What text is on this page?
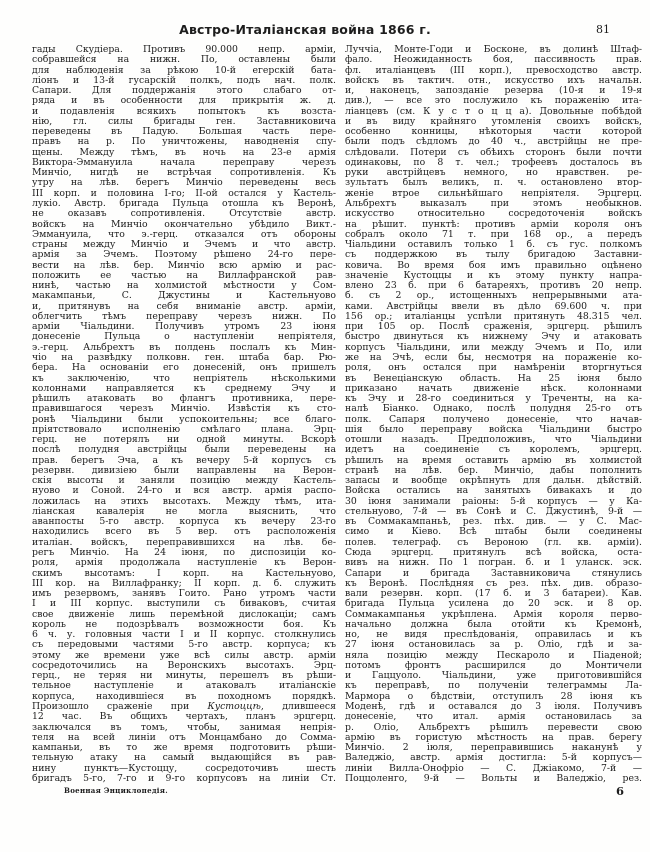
Австро-Италіанская война 1866 г.	81
гады Скудіера. Противъ 90.000 непр. арміи,
собравшейся на нижн. По, оставлены были
для наблюденія за рѣкою 10-й егерскій бата-
ліонъ и 13-й гусарскій полкъ, подъ нач. полк.
Сапари. Для поддержанія этого слабаго от-
ряда и въ особенности для прикрытія ж. д.
и подавленія всякихъ попытокъ къ возста-
нію, гл. силы бригады ген. Заставниковича
переведены въ Падую. Большая часть пере-
правъ на р. По уничтожены, наводненія спу-
щены. Между тѣмъ, въ ночь на 23-е армія
Виктора-Эммануила начала переправу черезъ
Минчіо, нигдѣ не встрѣчая сопротивленія. Къ
утру на лѣв. берегъ Минчіо переведены весь
III корп. и половина I-го; II-ой остался у Кастель-
лукіо. Австр. бригада Пульца отошла къ Веронѣ,
не оказавъ сопротивленія. Отсутствіе австр.
войскъ на Минчіо окончательно убѣдило Викт.-
Эммануила, что э.-герц. отказался отъ обороны
страны между Минчіо и Эчемъ и что австр.
армія за Эчемъ. Поэтому рѣшено 24-го пере-
вести на лѣв. бер. Минчіо всю армію и рас-
положить ее частью на Виллафранской рав-
нинѣ, частью на холмистой мѣстности у Сом-
макампаньи, С. Джустины и Кастельнуово
и, притянувъ на себя вниманіе австр. арміи,
облегчить тѣмъ переправу черезъ нижн. По
арміи Чіальдини. Получивъ утромъ 23 іюня
донесеніе Пульца о наступленіи непріятеля,
э.-герц. Альбрехтъ въ полдень послалъ къ Мин-
чіо на развѣдку полковн. ген. штаба бар. Рю-
бера. На основаніи его донесеній, онъ пришелъ
къ заключенію, что непріятель нѣсколькими
колоннами направляется къ среднему Эчу и
рѣшилъ атаковать во флангъ противника, пере-
правившагося черезъ Минчіо. Извѣстія къ сто-
ронѣ Чіальдини были успокоительны; все благо-
пріятствовало исполненію смѣлаго плана. Эрц-
герц. не потерялъ ни одной минуты. Вскорѣ
послѣ полудня австрійцы были переведены на
прав. берегъ Эча, а къ вечеру 5-й корпусъ съ
резервн. дивизіею были направлены на Верон-
скія высоты и заняли позицію между Кастель-
нуово и Соной. 24-го и вся австр. армія распо-
ложилась на этихъ высотахъ. Между тѣмъ, ита-
ліанская кавалерія не могла выяснить, что
аванпосты 5-го австр. корпуса къ вечеру 23-го
находились всего въ 5 вер. отъ расположенія
италіан. войскъ, переправившихся на лѣв. бе-
регъ Минчіо. На 24 іюня, по диспозиціи ко-
роля, армія продолжала наступленіе къ Верон-
скимъ высотамъ: I корп. на Кастельнуово,
III кор. на Виллафранку; II корп. д. б. служить
имъ резервомъ, занявъ Гоито. Рано утромъ части
I и III корпус. выступили съ биваковъ, считая
свое движеніе лишь перемѣной дислокаціи; самъ
король не подозрѣвалъ возможности боя. Къ
6 ч. у. головныя части I и II корпус. столкнулись
съ передовыми частями 5-го австр. корпуса; къ
этому же времени уже всѣ силы австр. арміи
сосредоточились на Веронскихъ высотахъ. Эрц-
герц., не теряя ни минуты, перешелъ въ рѣши-
тельное наступленіе и атаковалъ италіанскіе
корпуса, находившіеся въ походномъ порядкѣ.
Произошло сраженіе при Кустоццѣ, длившееся
12 час. Въ общихъ чертахъ, планъ эрцгерц.
заключался въ томъ, чтобы, занимая непрія-
теля на всей линіи отъ Монцамбано до Сомма-
кампаньи, въ то же время подготовить рѣши-
тельную атаку на самый выдающійся въ рав-
нину пунктъ—Кустоццу, сосредоточивъ шесть
бригадъ 5-го, 7-го и 9-го корпусовъ на линіи Ст.
Луччіа, Монте-Годи и Босконе, въ долинѣ Штаф-
фало. Неожиданность боя, пассивность прав.
фл. италіанцевъ (III корп.), превосходство австр.
войскъ въ тактич. отн., искусство ихъ начальн.
и, наконецъ, запозданіе резерва (10-я и 19-я
див.), — все это послужило къ пораженію ита-
ліанцевъ (см. К у с т о ц ц а). Довольные побѣдой
и въ виду крайняго утомленія своихъ войскъ,
особенно конницы, нѣкоторыя части которой
были подъ сѣдломъ до 40 ч., австрійцы не пре-
слѣдовали. Потери съ обѣихъ сторонъ были почти
одинаковы, по 8 т. чел.; трофеевъ досталось въ
руки австрійцевъ немного, но нравствен. ре-
зультатъ былъ великъ, п. ч. остановлено втор-
женіе втрое сильнѣйшаго непріятеля. Эрцгерц.
Альбрехтъ выказалъ при этомъ необыкнов.
искусство относительно сосредоточенія войскъ
на рѣшит. пунктѣ: противъ арміи короля онъ
собралъ около 71 т. при 168 ор., а передъ
Чіальдини оставилъ только 1 б. съ гус. полкомъ
съ поддержкою въ тылу бригадою Заставни-
ковича. Во время боя имъ правильно оцѣнено
значеніе Кустоццы и къ этому пункту напра-
влено 23 б. при 6 батареяхъ, противъ 20 непр.
б. съ 2 ор., истощенныхъ непрерывными ата-
ками. Австрійцы ввели въ дѣло 69.600 ч. при
156 ор.; италіанцы успѣли притянуть 48.315 чел.
при 105 ор. Послѣ сраженія, эрцгерц. рѣшилъ
быстро двинуться къ нижнему Эчу и атаковать
корпусъ Чіальдини, или между Эчемъ и По, или
же на Эчѣ, если бы, несмотря на пораженіе ко-
роля, онъ остался при намѣреніи вторгнуться
въ Венеціанскую область. На 25 іюня было
приказано начать движеніе нѣск. колоннами
къ Эчу и 28-го соединиться у Треченты, на ка-
налѣ Біанко. Однако, послѣ полудня 25-го отъ
полк. Сапаря получено донесеніе, что начав-
шія было переправу войска Чіальдини быстро
отошли назадъ. Предположивъ, что Чіальдини
идетъ на соединеніе съ королемъ, эрцгерц.
рѣшилъ на время оставить армію въ холмистой
странѣ на лѣв. бер. Минчіо, дабы пополнить
запасы и вообще окрѣпнуть для дальн. дѣйствій.
Войска остались на занятыхъ бивакахъ и до
30 іюня занимали раіоны: 5-й корпусъ — у Ка-
стельнуово, 7-й — въ Сонѣ и С. Джустинѣ, 9-й —
въ Соммакампаньѣ, рез. пѣх. див. — у С. Мас-
симо и Кіево. Всѣ штабы были соединены
полев. телеграф. съ Вероною (гл. кв. арміи).
Сюда эрцгерц. притянулъ всѣ войска, оста-
вивъ на нижн. По 1 погран. б. и 1 уланск. эск.
Сапари и бригада Заставниковича стянулись
къ Веронѣ. Послѣдняя съ рез. пѣх. див. образо-
вали резервн. корп. (17 б. и 3 батареи). Кав.
бригада Пульца усилена до 20 эск. и 8 ор.
Соммакампанья укрѣплена. Армія короля перво-
начально должна была отойти къ Кремонѣ,
но, не видя преслѣдованія, оправилась и къ
27 іюня остановилась за р. Оліо, гдѣ и за-
няла позицію между Пескароло и Піаденой;
потомъ фронтъ расширился до Монтичели
и Гаццуоло. Чіальдини, уже приготовившійся
къ переправѣ, по полученіи телеграммы Ла-
Мармора о бѣдствіи, отступилъ 28 іюня къ
Моденѣ, гдѣ и оставался до 3 іюля. Получивъ
донесеніе, что итал. армія остановилась за
р. Оліо, Альбрехтъ рѣшилъ перевести свою
армію въ гористую мѣстность на прав. берегу
Минчіо. 2 іюля, переправившись наканунѣ у
Валеджіо, австр. армія достигла: 5-й корпусъ—
линіи Вилла-Онофріо — С. Джіакомо, 7-й —
Поццоленго, 9-й — Вольты и Валеджіо, рез.
Военная Энциклопедія.	6
